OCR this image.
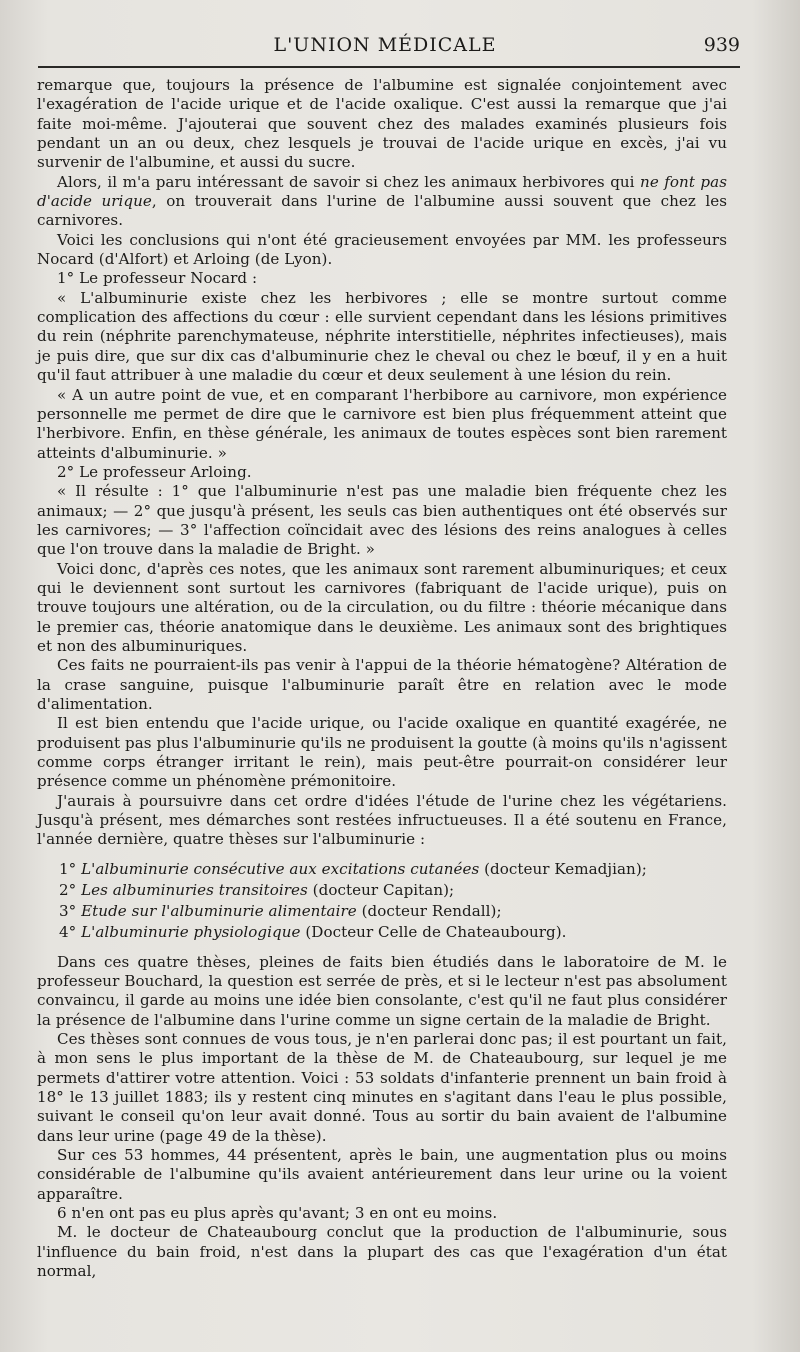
L'UNION MÉDICALE	939

remarque que, toujours la présence de l'albumine est signalée conjointement avec l'exagération de l'acide urique et de l'acide oxalique. C'est aussi la remarque que j'ai faite moi-même. J'ajouterai que souvent chez des malades examinés plusieurs fois pendant un an ou deux, chez lesquels je trouvai de l'acide urique en excès, j'ai vu survenir de l'albumine, et aussi du sucre.

Alors, il m'a paru intéressant de savoir si chez les animaux herbivores qui ne font pas d'acide urique, on trouverait dans l'urine de l'albumine aussi souvent que chez les carnivores.

Voici les conclusions qui n'ont été gracieusement envoyées par MM. les professeurs Nocard (d'Alfort) et Arloing (de Lyon).

1° Le professeur Nocard :

« L'albuminurie existe chez les herbivores ; elle se montre surtout comme complication des affections du cœur : elle survient cependant dans les lésions primitives du rein (néphrite parenchymateuse, néphrite interstitielle, néphrites infectieuses), mais je puis dire, que sur dix cas d'albuminurie chez le cheval ou chez le bœuf, il y en a huit qu'il faut attribuer à une maladie du cœur et deux seulement à une lésion du rein.

« A un autre point de vue, et en comparant l'herbibore au carnivore, mon expérience personnelle me permet de dire que le carnivore est bien plus fréquemment atteint que l'herbivore. Enfin, en thèse générale, les animaux de toutes espèces sont bien rarement atteints d'albuminurie. »

2° Le professeur Arloing.

« Il résulte : 1° que l'albuminurie n'est pas une maladie bien fréquente chez les animaux; — 2° que jusqu'à présent, les seuls cas bien authentiques ont été observés sur les carnivores; — 3° l'affection coïncidait avec des lésions des reins analogues à celles que l'on trouve dans la maladie de Bright. »

Voici donc, d'après ces notes, que les animaux sont rarement albuminuriques; et ceux qui le deviennent sont surtout les carnivores (fabriquant de l'acide urique), puis on trouve toujours une altération, ou de la circulation, ou du filtre : théorie mécanique dans le premier cas, théorie anatomique dans le deuxième. Les animaux sont des brightiques et non des albuminuriques.

Ces faits ne pourraient-ils pas venir à l'appui de la théorie hématogène? Altération de la crase sanguine, puisque l'albuminurie paraît être en relation avec le mode d'alimentation.

Il est bien entendu que l'acide urique, ou l'acide oxalique en quantité exagérée, ne produisent pas plus l'albuminurie qu'ils ne produisent la goutte (à moins qu'ils n'agissent comme corps étranger irritant le rein), mais peut-être pourrait-on considérer leur présence comme un phénomène prémonitoire.

J'aurais à poursuivre dans cet ordre d'idées l'étude de l'urine chez les végétariens. Jusqu'à présent, mes démarches sont restées infructueuses. Il a été soutenu en France, l'année dernière, quatre thèses sur l'albuminurie :

1° L'albuminurie consécutive aux excitations cutanées (docteur Kemadjian);

2° Les albuminuries transitoires (docteur Capitan);

3° Etude sur l'albuminurie alimentaire (docteur Rendall);

4° L'albuminurie physiologique (Docteur Celle de Chateaubourg).

Dans ces quatre thèses, pleines de faits bien étudiés dans le laboratoire de M. le professeur Bouchard, la question est serrée de près, et si le lecteur n'est pas absolument convaincu, il garde au moins une idée bien consolante, c'est qu'il ne faut plus considérer la présence de l'albumine dans l'urine comme un signe certain de la maladie de Bright.

Ces thèses sont connues de vous tous, je n'en parlerai donc pas; il est pourtant un fait, à mon sens le plus important de la thèse de M. de Chateaubourg, sur lequel je me permets d'attirer votre attention. Voici : 53 soldats d'infanterie prennent un bain froid à 18° le 13 juillet 1883; ils y restent cinq minutes en s'agitant dans l'eau le plus possible, suivant le conseil qu'on leur avait donné. Tous au sortir du bain avaient de l'albumine dans leur urine (page 49 de la thèse).

Sur ces 53 hommes, 44 présentent, après le bain, une augmentation plus ou moins considérable de l'albumine qu'ils avaient antérieurement dans leur urine ou la voient apparaître.

6 n'en ont pas eu plus après qu'avant; 3 en ont eu moins.

M. le docteur de Chateaubourg conclut que la production de l'albuminurie, sous l'influence du bain froid, n'est dans la plupart des cas que l'exagération d'un état normal,
